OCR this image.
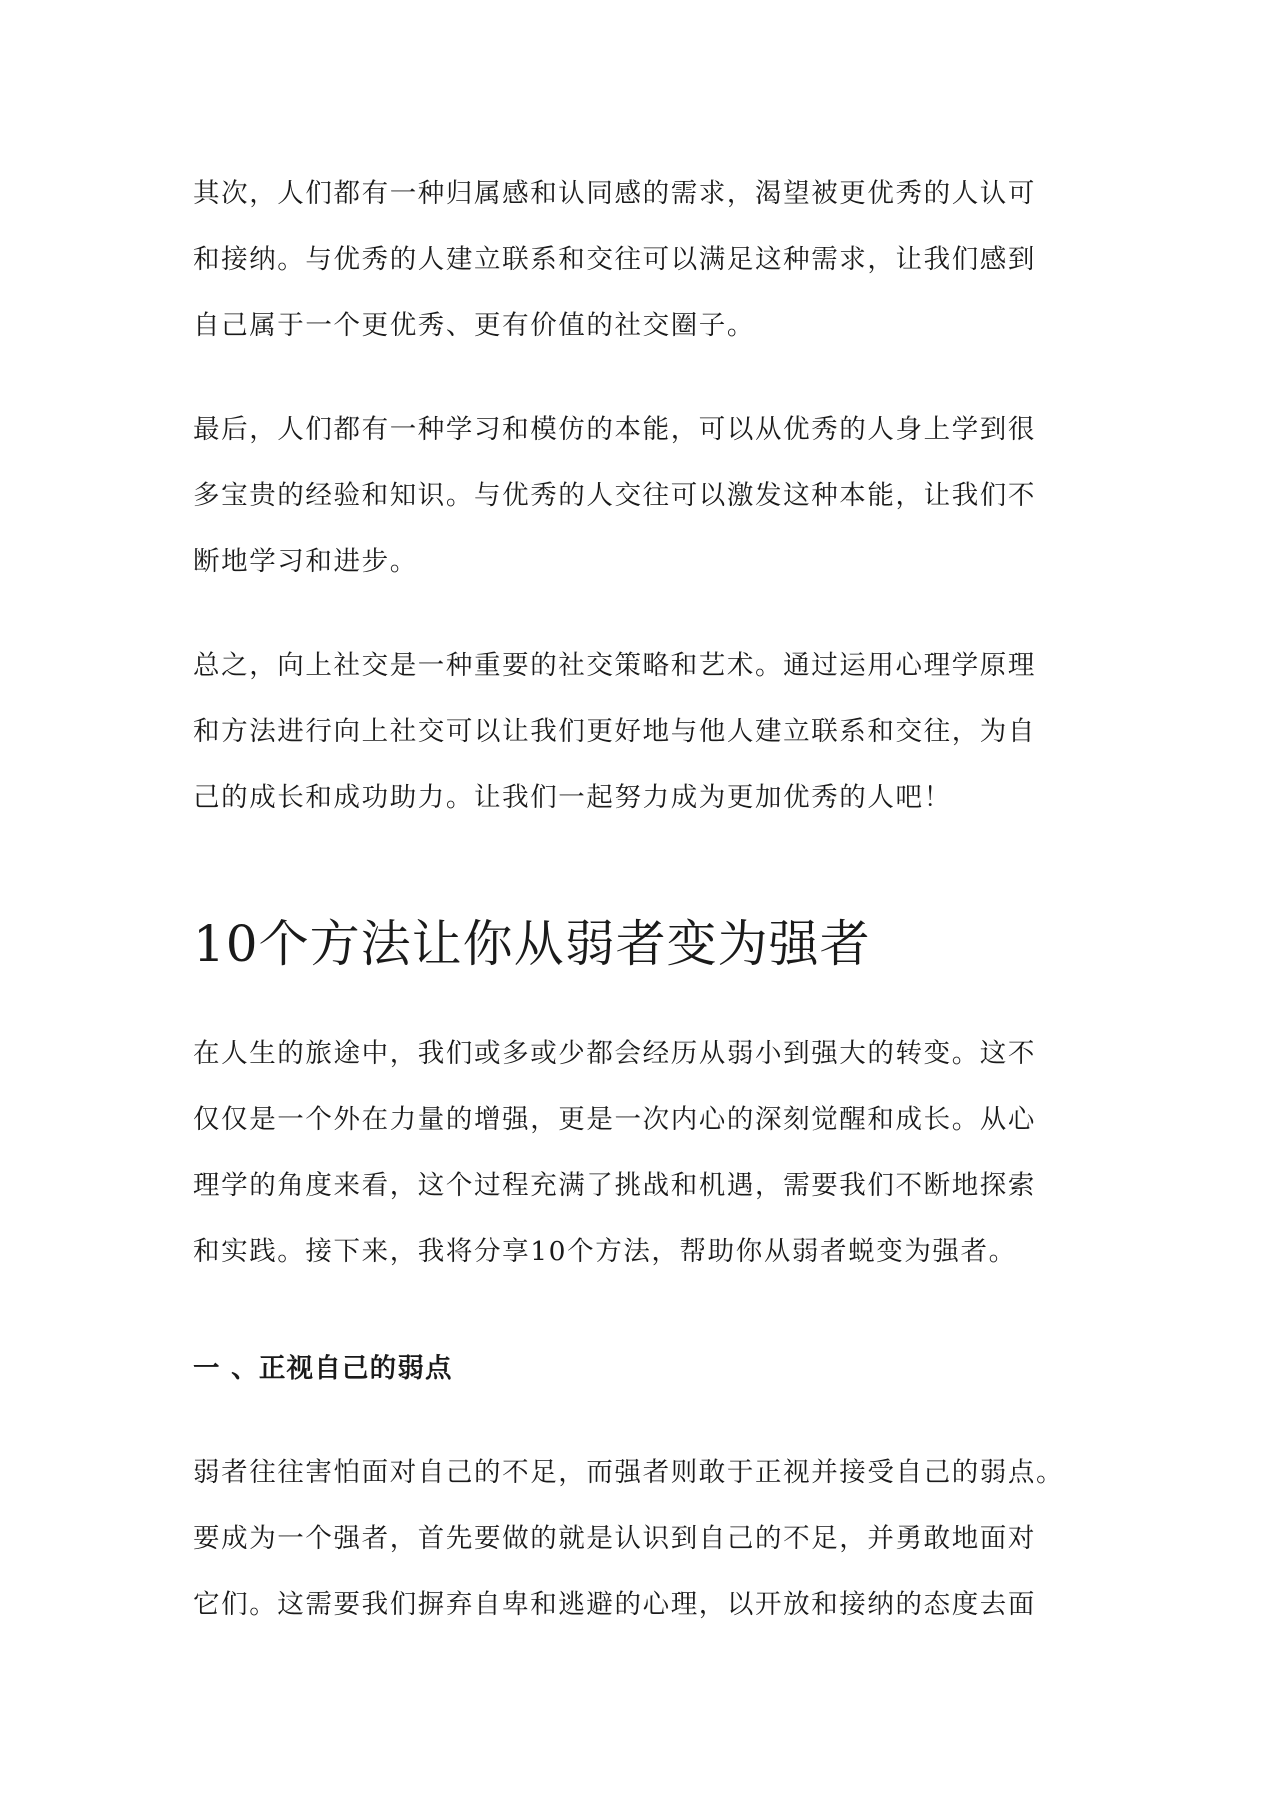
其次，人们都有一种归属感和认同感的需求，渴望被更优秀的人认可
和接纳。与优秀的人建立联系和交往可以满足这种需求，让我们感到
自己属于一个更优秀、更有价值的社交圈子。
最后，人们都有一种学习和模仿的本能，可以从优秀的人身上学到很
多宝贵的经验和知识。与优秀的人交往可以激发这种本能，让我们不
断地学习和进步。
总之，向上社交是一种重要的社交策略和艺术。通过运用心理学原理
和方法进行向上社交可以让我们更好地与他人建立联系和交往，为自
己的成长和成功助力。让我们一起努力成为更加优秀的人吧！
10个方法让你从弱者变为强者
在人生的旅途中，我们或多或少都会经历从弱小到强大的转变。这不
仅仅是一个外在力量的增强，更是一次内心的深刻觉醒和成长。从心
理学的角度来看，这个过程充满了挑战和机遇，需要我们不断地探索
和实践。接下来，我将分享10个方法，帮助你从弱者蜕变为强者。
一 、正视自己的弱点
弱者往往害怕面对自己的不足，而强者则敢于正视并接受自己的弱点。
要成为一个强者，首先要做的就是认识到自己的不足，并勇敢地面对
它们。这需要我们摒弃自卑和逃避的心理，以开放和接纳的态度去面
